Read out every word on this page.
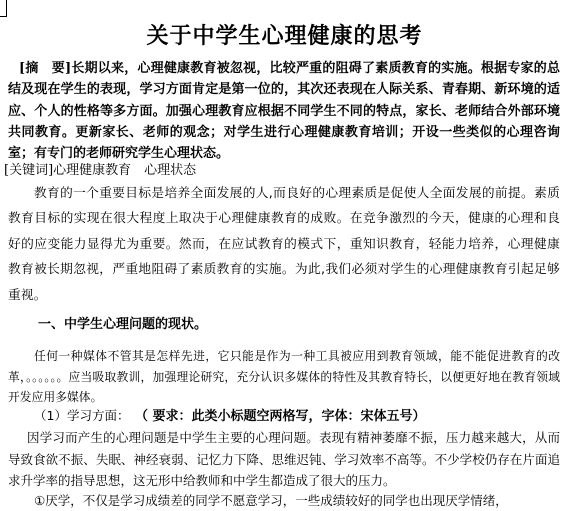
关于中学生心理健康的思考

[摘　要]长期以来，心理健康教育被忽视，比较严重的阻碍了素质教育的实施。根据专家的总结及现在学生的表现，学习方面肯定是第一位的，其次还表现在人际关系、青春期、新环境的适应、个人的性格等多方面。加强心理教育应根据不同学生不同的特点，家长、老师结合外部环境共同教育。更新家长、老师的观念；对学生进行心理健康教育培训；开设一些类似的心理咨询室；有专门的老师研究学生心理状态。

[关键词]心理健康教育　心理状态

教育的一个重要目标是培养全面发展的人,而良好的心理素质是促使人全面发展的前提。素质教育目标的实现在很大程度上取决于心理健康教育的成败。在竞争激烈的今天，健康的心理和良好的应变能力显得尤为重要。然而，在应试教育的模式下，重知识教育，轻能力培养，心理健康教育被长期忽视，严重地阻碍了素质教育的实施。为此,我们必须对学生的心理健康教育引起足够重视。

一、中学生心理问题的现状。

任何一种媒体不管其是怎样先进，它只能是作为一种工具被应用到教育领域，能不能促进教育的改革，。。。。。。应当吸取教训，加强理论研究，充分认识多媒体的特性及其教育特长，以便更好地在教育领域开发应用多媒体。

（1）学习方面： （ 要求：此类小标题空两格写，字体：宋体五号）

因学习而产生的心理问题是中学生主要的心理问题。表现有精神萎靡不振，压力越来越大，从而导致食欲不振、失眠、神经衰弱、记忆力下降、思维迟钝、学习效率不高等。不少学校仍存在片面追求升学率的指导思想，这无形中给教师和中学生都造成了很大的压力。

①厌学，不仅是学习成绩差的同学不愿意学习，一些成绩较好的同学也出现厌学情绪，
